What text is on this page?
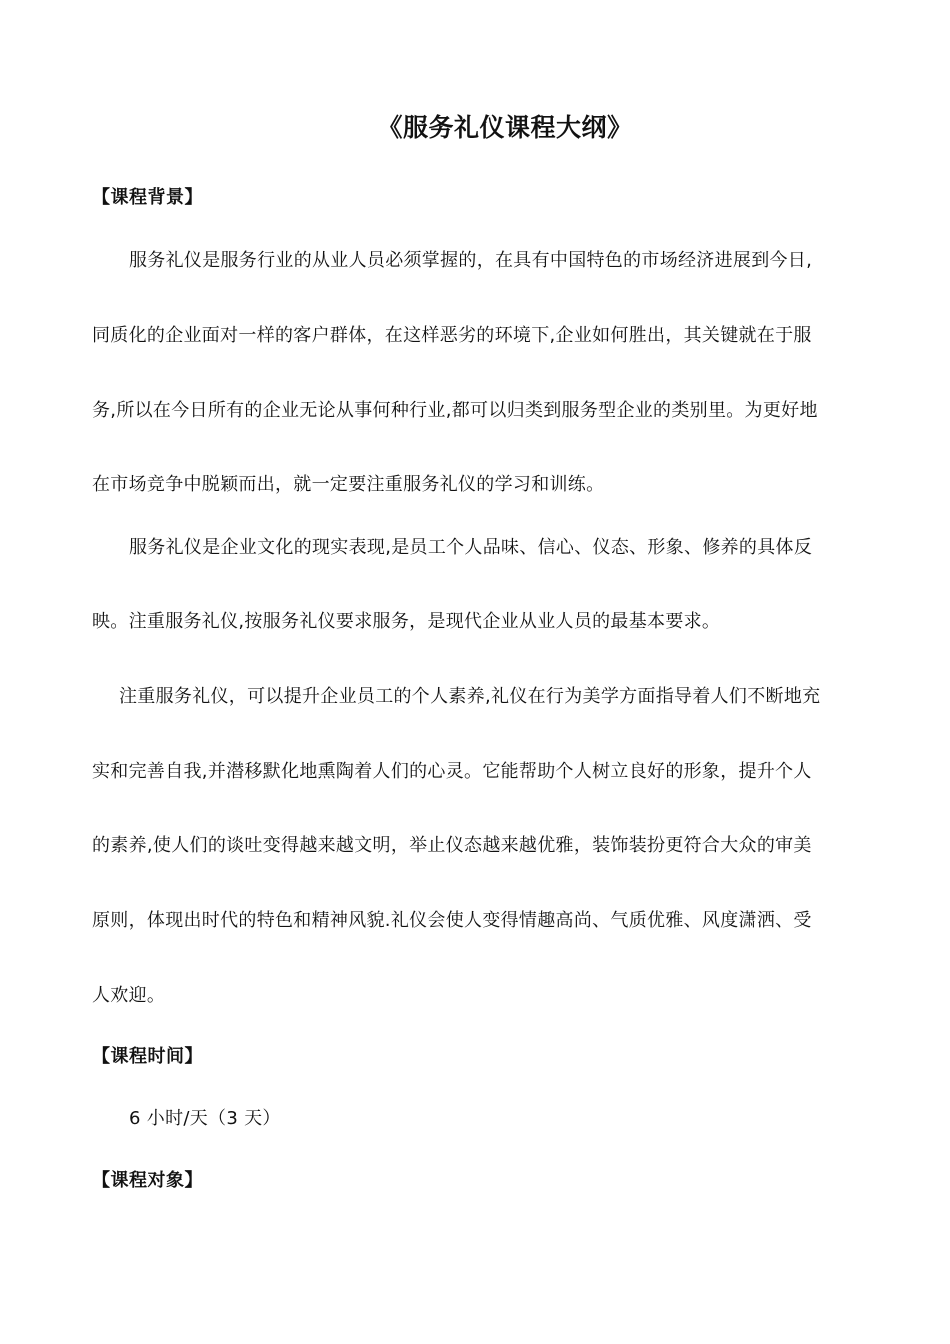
《服务礼仪课程大纲》
【课程背景】
服务礼仪是服务行业的从业人员必须掌握的，在具有中国特色的市场经济进展到今日,
同质化的企业面对一样的客户群体，在这样恶劣的环境下,企业如何胜出，其关键就在于服
务,所以在今日所有的企业无论从事何种行业,都可以归类到服务型企业的类别里。为更好地
在市场竞争中脱颖而出，就一定要注重服务礼仪的学习和训练。
服务礼仪是企业文化的现实表现,是员工个人品味、信心、仪态、形象、修养的具体反
映。注重服务礼仪,按服务礼仪要求服务，是现代企业从业人员的最基本要求。
注重服务礼仪，可以提升企业员工的个人素养,礼仪在行为美学方面指导着人们不断地充
实和完善自我,并潜移默化地熏陶着人们的心灵。它能帮助个人树立良好的形象，提升个人
的素养,使人们的谈吐变得越来越文明，举止仪态越来越优雅，装饰装扮更符合大众的审美
原则，体现出时代的特色和精神风貌.礼仪会使人变得情趣高尚、气质优雅、风度潇洒、受
人欢迎。
【课程时间】
6 小时/天（3 天）
【课程对象】
